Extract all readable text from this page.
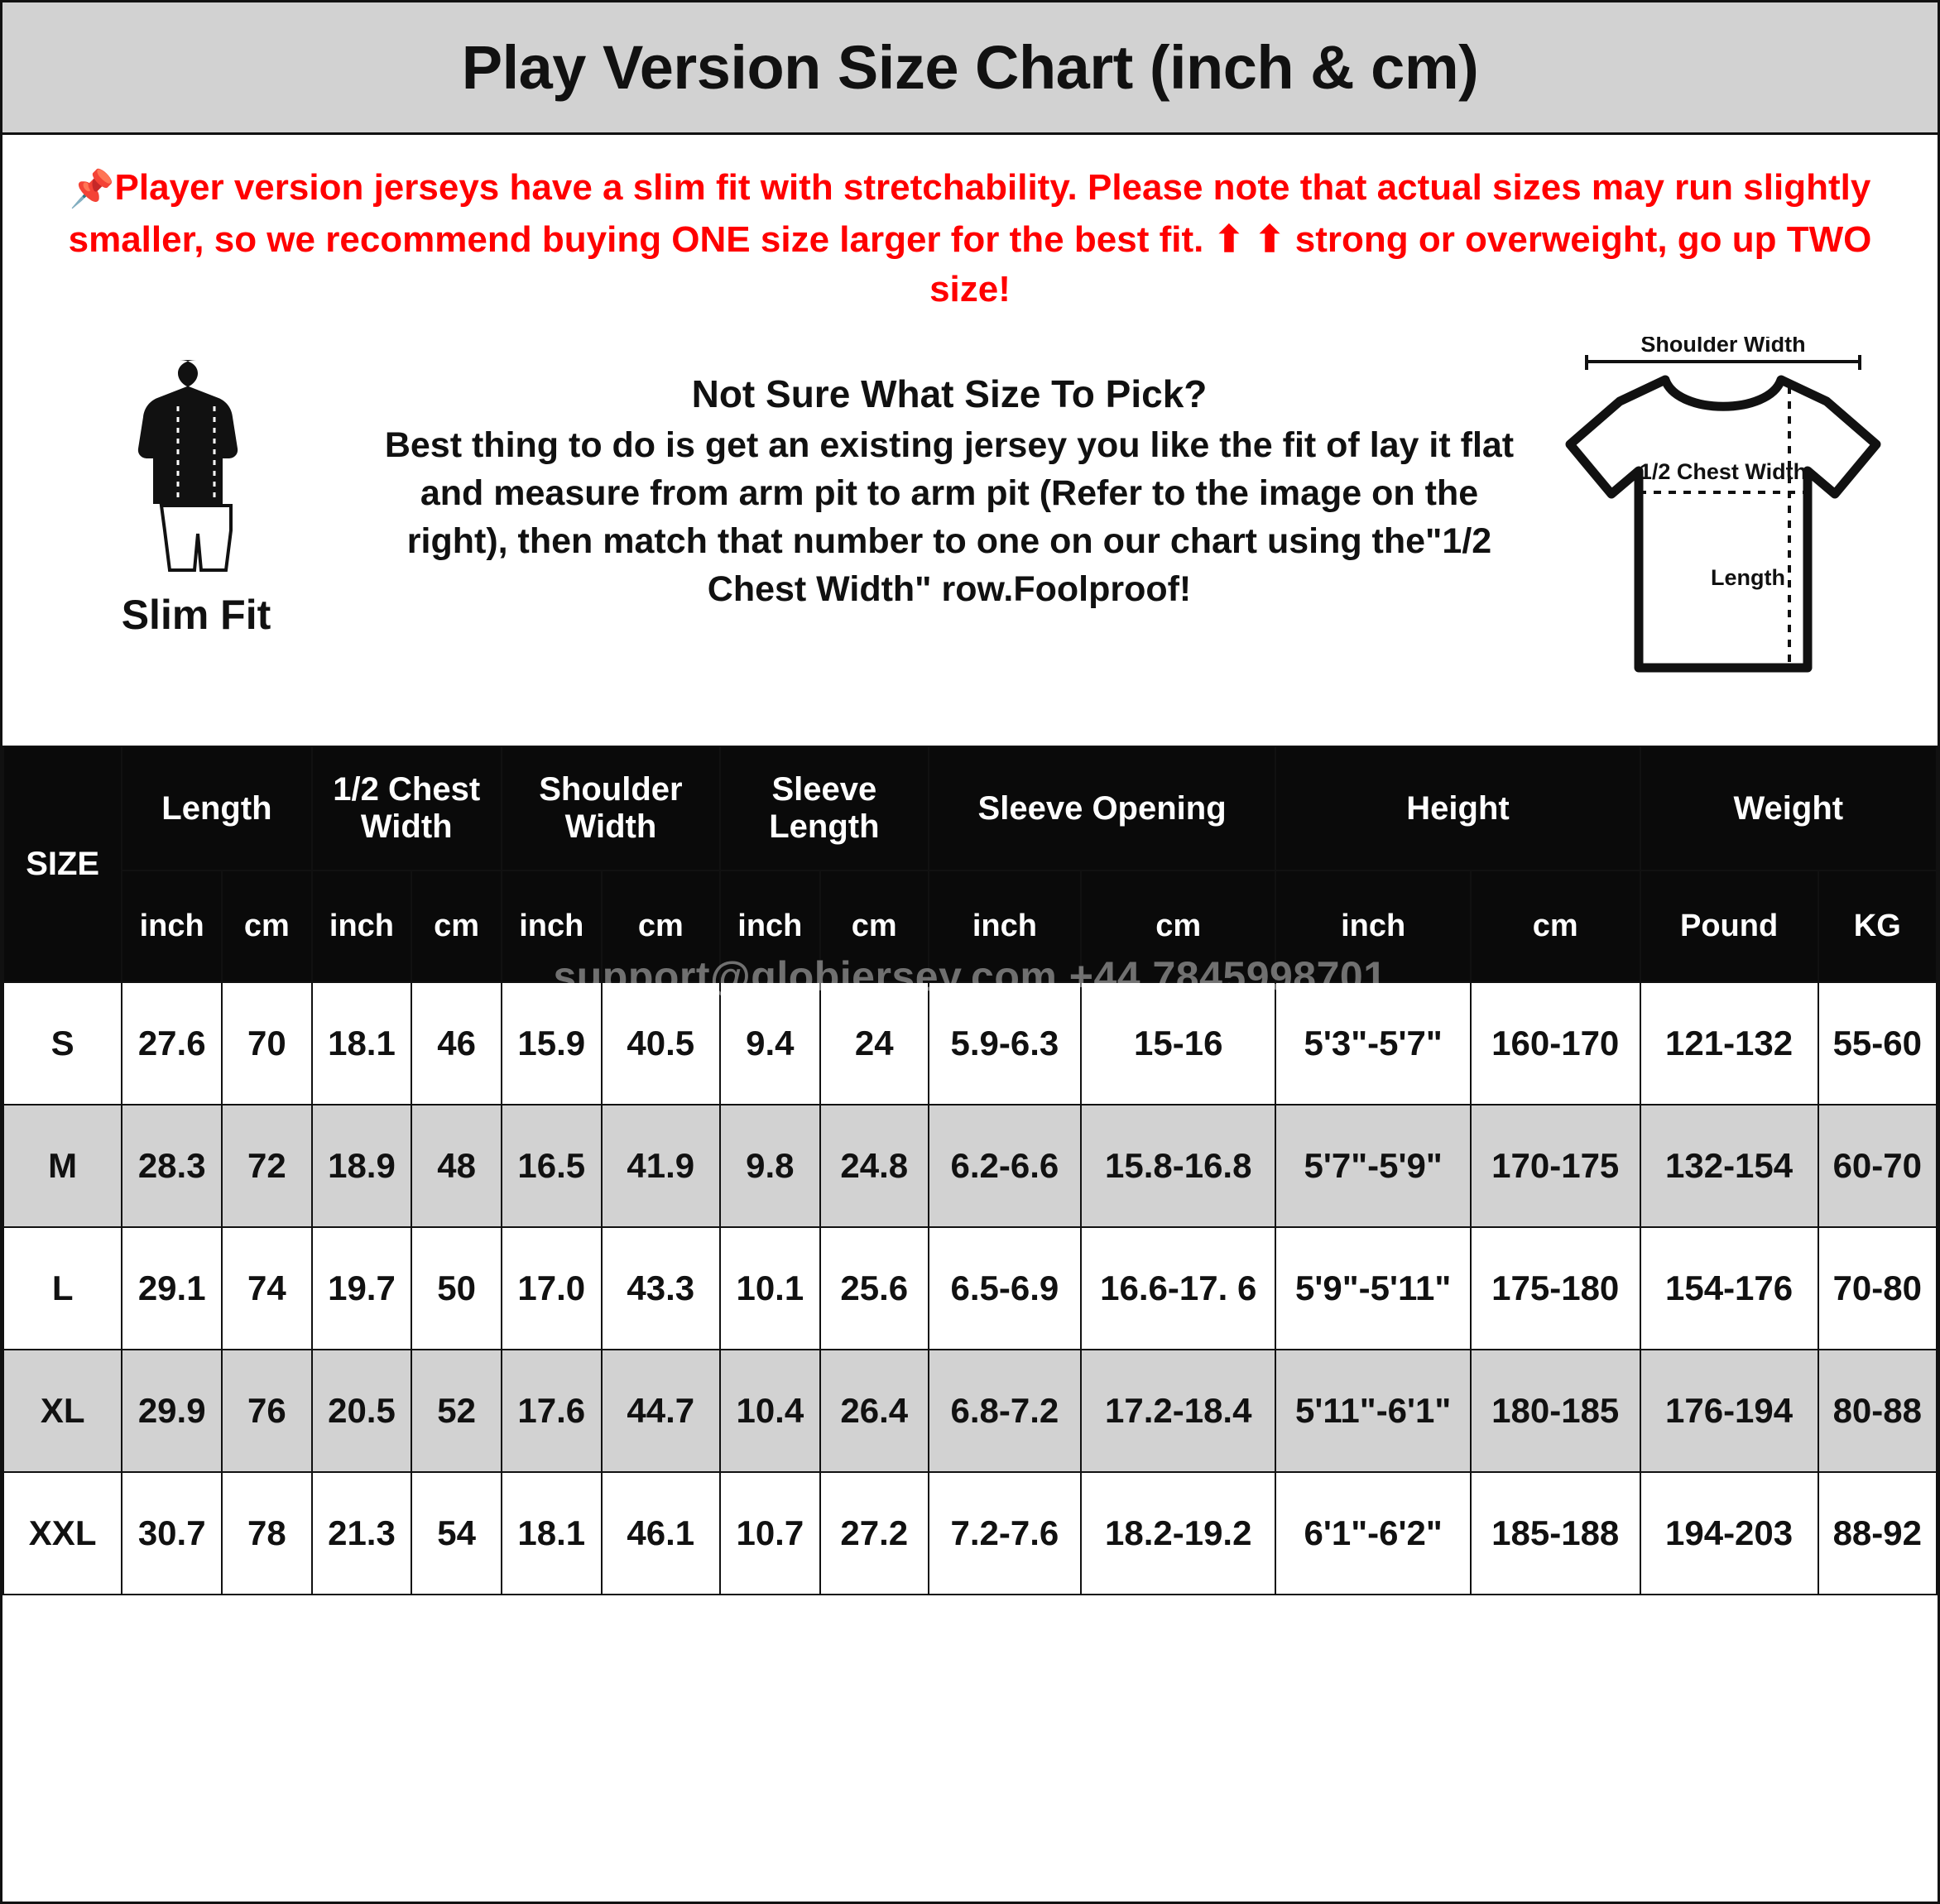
Play Version Size Chart (inch & cm)
📌Player version jerseys have a slim fit with stretchability. Please note that actual sizes may run slightly smaller, so we recommend buying ONE size larger for the best fit. ⬆ ⬆ strong or overweight, go up TWO size!
Slim Fit
Not Sure What Size To Pick?
Best thing to do is get an existing jersey you like the fit of lay it flat and measure from arm pit to arm pit (Refer to the image on the right), then match that number to one on our chart using the"1/2 Chest Width" row.Foolproof!
Shoulder Width
1/2 Chest Width
Length
SIZE	Length		1/2 Chest Width		Shoulder Width		Sleeve Length		Sleeve Opening		Height		Weight	
	inch	cm	inch	cm	inch	cm	inch	cm	inch	cm	inch	cm	Pound	KG
S	27.6	70	18.1	46	15.9	40.5	9.4	24	5.9-6.3	15-16	5'3"-5'7"	160-170	121-132	55-60
M	28.3	72	18.9	48	16.5	41.9	9.8	24.8	6.2-6.6	15.8-16.8	5'7"-5'9"	170-175	132-154	60-70
L	29.1	74	19.7	50	17.0	43.3	10.1	25.6	6.5-6.9	16.6-17. 6	5'9"-5'11"	175-180	154-176	70-80
XL	29.9	76	20.5	52	17.6	44.7	10.4	26.4	6.8-7.2	17.2-18.4	5'11"-6'1"	180-185	176-194	80-88
XXL	30.7	78	21.3	54	18.1	46.1	10.7	27.2	7.2-7.6	18.2-19.2	6'1"-6'2"	185-188	194-203	88-92
support@globjersey.com +44 7845998701
